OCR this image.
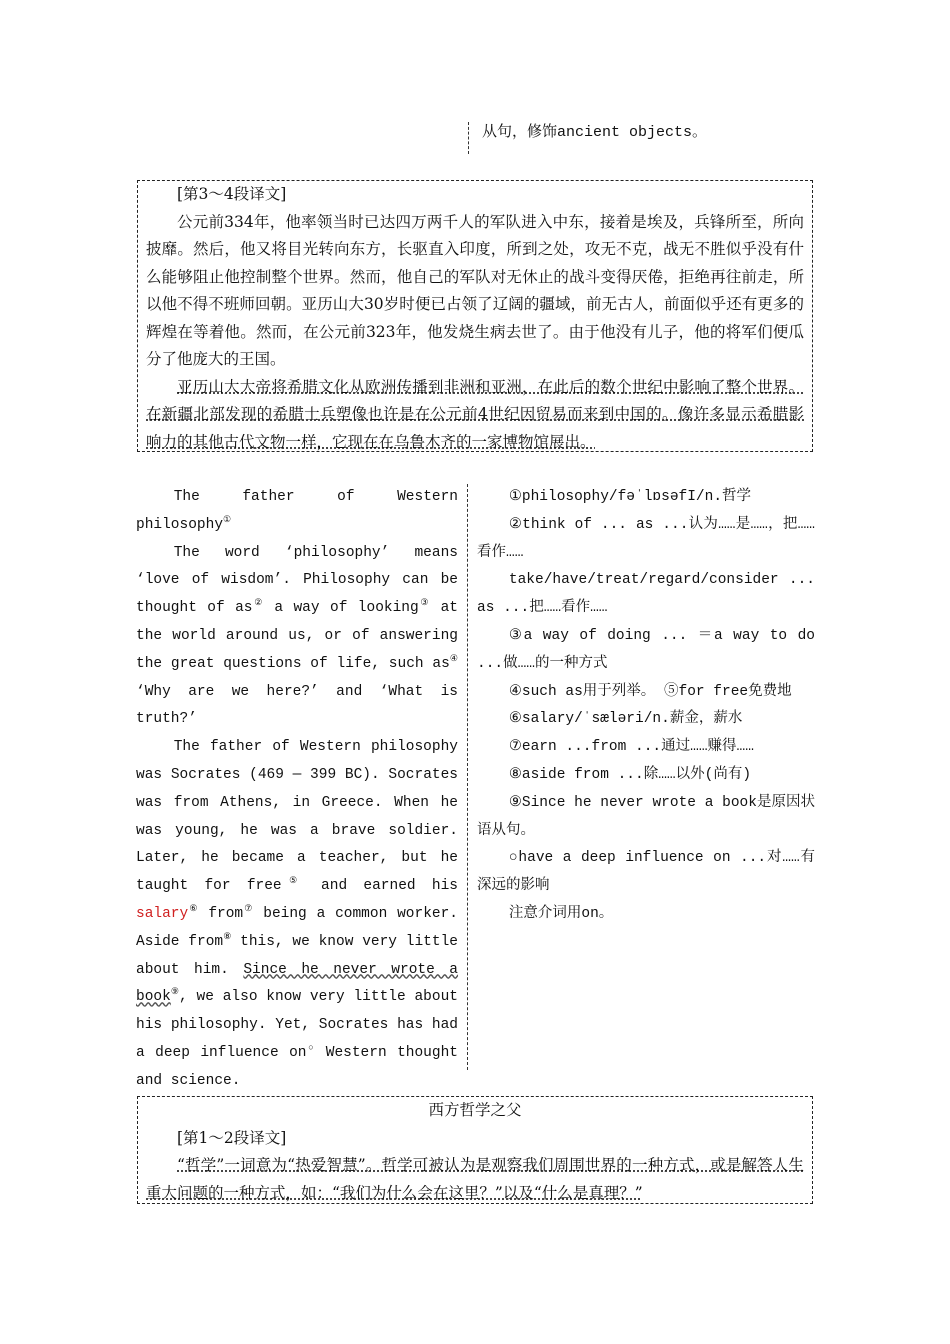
从句，修饰ancient objects。

[第3～4段译文]

公元前334年，他率领当时已达四万两千人的军队进入中东，接着是埃及，兵锋所至，所向披靡。然后，他又将目光转向东方，长驱直入印度，所到之处，攻无不克，战无不胜似乎没有什么能够阻止他控制整个世界。然而，他自己的军队对无休止的战斗变得厌倦，拒绝再往前走，所以他不得不班师回朝。亚历山大30岁时便已占领了辽阔的疆域，前无古人，前面似乎还有更多的辉煌在等着他。然而，在公元前323年，他发烧生病去世了。由于他没有儿子，他的将军们便瓜分了他庞大的王国。

亚历山大大帝将希腊文化从欧洲传播到非洲和亚洲，在此后的数个世纪中影响了整个世界。在新疆北部发现的希腊士兵塑像也许是在公元前4世纪因贸易而来到中国的。像许多显示希腊影响力的其他古代文物一样，它现在在乌鲁木齐的一家博物馆展出。

The father of Western philosophy①

The word ‘philosophy’ means ‘love of wisdom’. Philosophy can be thought of as② a way of looking③ at the world around us, or of answering the great questions of life, such as④ ‘Why are we here?’ and ‘What is truth?’

The father of Western philosophy was Socrates (469 — 399 BC). Socrates was from Athens, in Greece. When he was young, he was a brave soldier. Later, he became a teacher, but he taught for free⑤ and earned his salary⑥ from⑦ being a common worker. Aside from⑧ this, we know very little about him. Since he never wrote a book⑨, we also know very little about his philosophy. Yet, Socrates has had a deep influence on○ Western thought and science.

①philosophy/fəˈlɒsəfI/n.哲学

②think of ... as ...认为……是……，把……看作……

take/have/treat/regard/consider ... as ...把……看作……

③a way of doing ... ＝a way to do ...做……的一种方式

④such as用于列举。 ⑤for free免费地

⑥salary/ˈsæləri/n.薪金，薪水

⑦earn ...from ...通过……赚得……

⑧aside from ...除……以外(尚有)

⑨Since he never wrote a book是原因状语从句。

○have a deep influence on ...对……有深远的影响

注意介词用on。

西方哲学之父

[第1～2段译文]

“哲学”一词意为“热爱智慧”。哲学可被认为是观察我们周围世界的一种方式，或是解答人生重大问题的一种方式，如：“我们为什么会在这里？”以及“什么是真理？”
